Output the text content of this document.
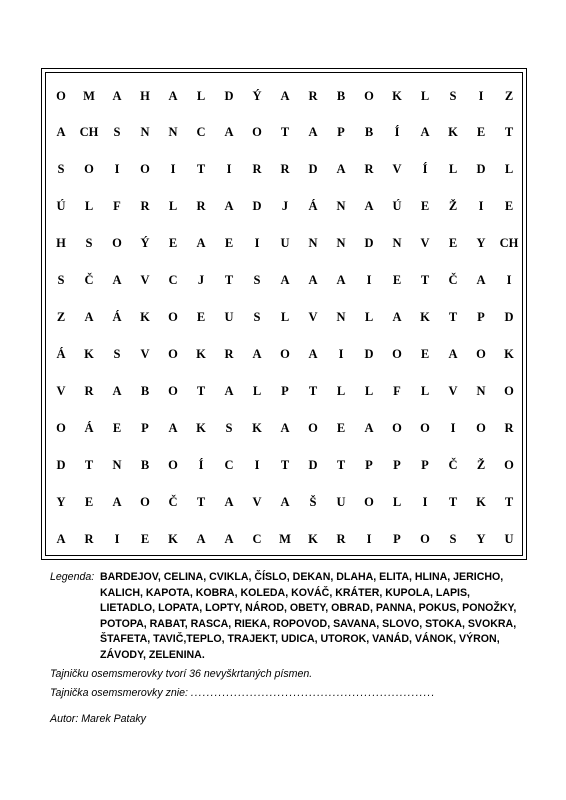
O	M	A	H	A	L	D	Ý	A	R	B	O	K	L	S	I	Z
A	CH	S	N	N	C	A	O	T	A	P	B	Í	A	K	E	T
S	O	I	O	I	T	I	R	R	D	A	R	V	Í	L	D	L
Ú	L	F	R	L	R	A	D	J	Á	N	A	Ú	E	Ž	I	E
H	S	O	Ý	E	A	E	I	U	N	N	D	N	V	E	Y	CH
S	Č	A	V	C	J	T	S	A	A	A	I	E	T	Č	A	I
Z	A	Á	K	O	E	U	S	L	V	N	L	A	K	T	P	D
Á	K	S	V	O	K	R	A	O	A	I	D	O	E	A	O	K
V	R	A	B	O	T	A	L	P	T	L	L	F	L	V	N	O
O	Á	E	P	A	K	S	K	A	O	E	A	O	O	I	O	R
D	T	N	B	O	Í	C	I	T	D	T	P	P	P	Č	Ž	O
Y	E	A	O	Č	T	A	V	A	Š	U	O	L	I	T	K	T
A	R	I	E	K	A	A	C	M	K	R	I	P	O	S	Y	U
Legenda: BARDEJOV, CELINA, CVIKLA, ČÍSLO, DEKAN, DLAHA, ELITA, HLINA, JERICHO, KALICH, KAPOTA, KOBRA, KOLEDA, KOVÁČ, KRÁTER, KUPOLA, LAPIS, LIETADLO, LOPATA, LOPTY, NÁROD, OBETY, OBRAD, PANNA, POKUS, PONOŽKY, POTOPA, RABAT, RASCA, RIEKA, ROPOVOD, SAVANA, SLOVO, STOKA, SVOKRA, ŠTAFETA, TAVIČ,TEPLO, TRAJEKT, UDICA, UTOROK, VANÁD, VÁNOK, VÝRON, ZÁVODY, ZELENINA.
Tajničku osemsmerovky tvorí 36 nevyškrtaných písmen.
Tajnička osemsmerovky znie: ..............................................................
Autor: Marek Pataky
